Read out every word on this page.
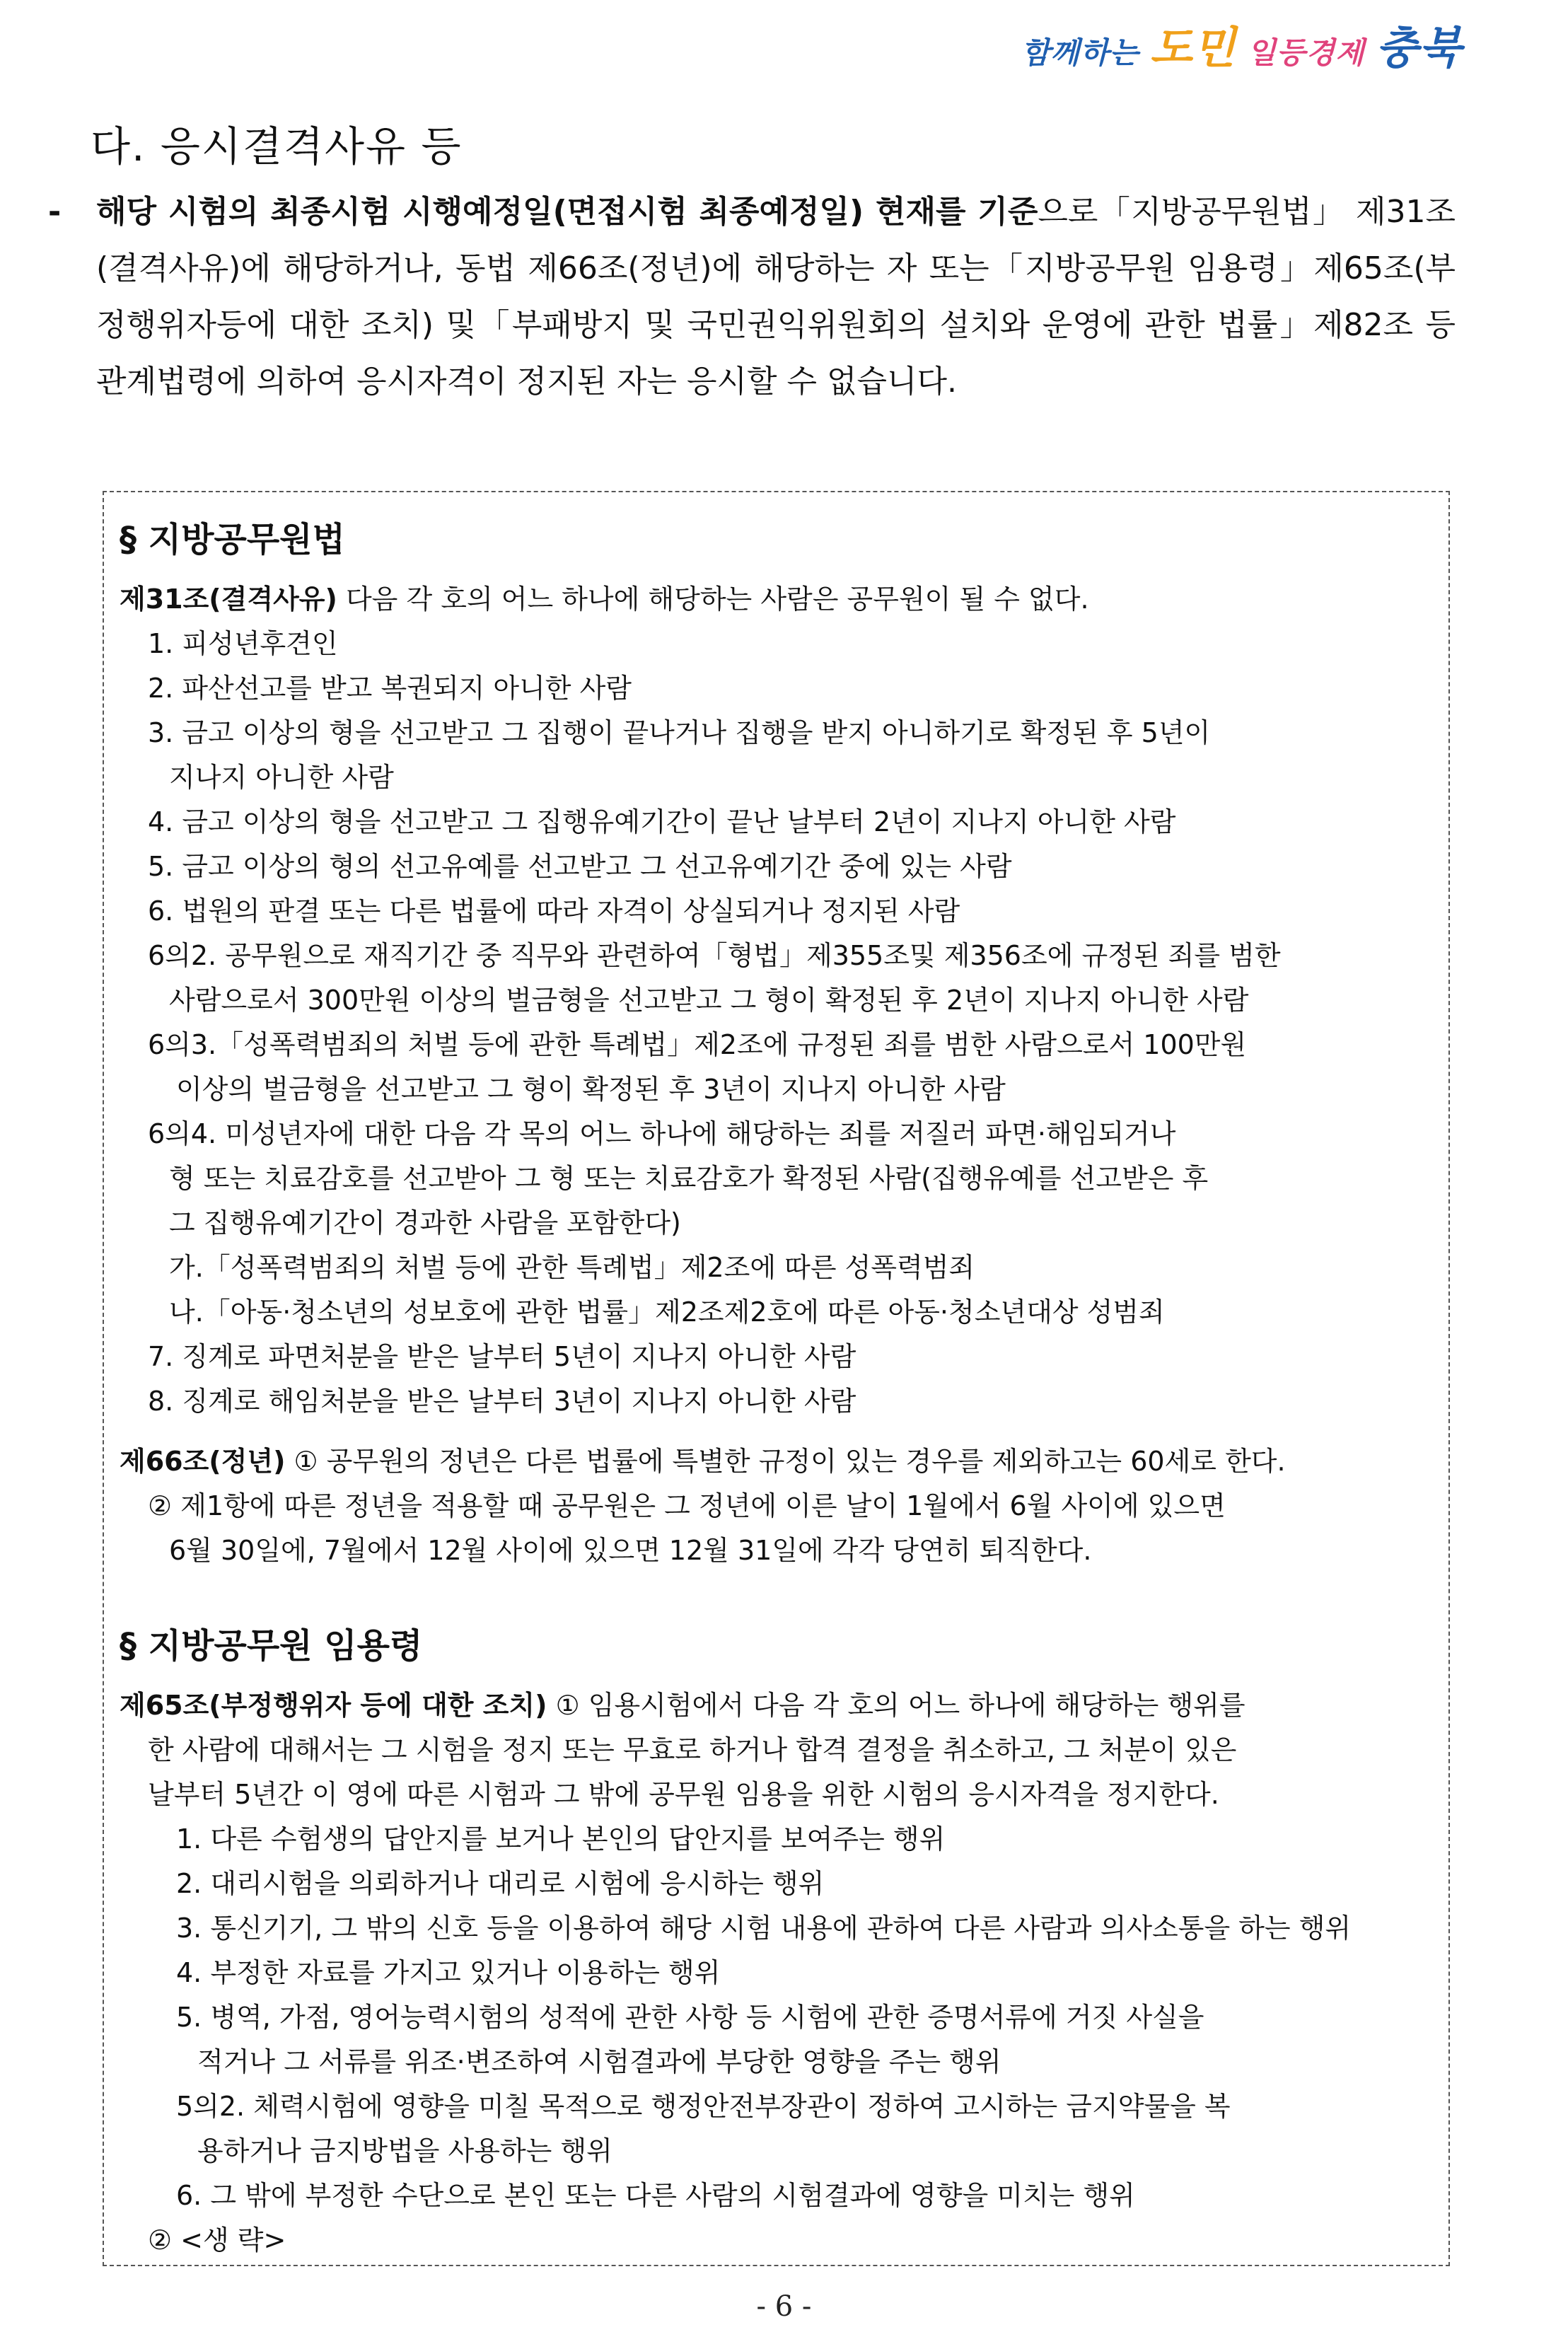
함께하는 도민 일등경제 충북
다. 응시결격사유 등
-	해당 시험의 최종시험 시행예정일(면접시험 최종예정일) 현재를 기준으로「지방공무원법」 제31조(결격사유)에 해당하거나, 동법 제66조(정년)에 해당하는 자 또는「지방공무원 임용령」제65조(부정행위자등에 대한 조치) 및「부패방지 및 국민권익위원회의 설치와 운영에 관한 법률」제82조 등 관계법령에 의하여 응시자격이 정지된 자는 응시할 수 없습니다.
§ 지방공무원법

제31조(결격사유) 다음 각 호의 어느 하나에 해당하는 사람은 공무원이 될 수 없다.

1. 피성년후견인

2. 파산선고를 받고 복권되지 아니한 사람

3. 금고 이상의 형을 선고받고 그 집행이 끝나거나 집행을 받지 아니하기로 확정된 후 5년이

지나지 아니한 사람

4. 금고 이상의 형을 선고받고 그 집행유예기간이 끝난 날부터 2년이 지나지 아니한 사람

5. 금고 이상의 형의 선고유예를 선고받고 그 선고유예기간 중에 있는 사람

6. 법원의 판결 또는 다른 법률에 따라 자격이 상실되거나 정지된 사람

6의2. 공무원으로 재직기간 중 직무와 관련하여「형법」제355조및 제356조에 규정된 죄를 범한

사람으로서 300만원 이상의 벌금형을 선고받고 그 형이 확정된 후 2년이 지나지 아니한 사람

6의3.「성폭력범죄의 처벌 등에 관한 특례법」제2조에 규정된 죄를 범한 사람으로서 100만원

이상의 벌금형을 선고받고 그 형이 확정된 후 3년이 지나지 아니한 사람

6의4. 미성년자에 대한 다음 각 목의 어느 하나에 해당하는 죄를 저질러 파면·해임되거나

형 또는 치료감호를 선고받아 그 형 또는 치료감호가 확정된 사람(집행유예를 선고받은 후

그 집행유예기간이 경과한 사람을 포함한다)

가.「성폭력범죄의 처벌 등에 관한 특례법」제2조에 따른 성폭력범죄

나.「아동·청소년의 성보호에 관한 법률」제2조제2호에 따른 아동·청소년대상 성범죄

7. 징계로 파면처분을 받은 날부터 5년이 지나지 아니한 사람

8. 징계로 해임처분을 받은 날부터 3년이 지나지 아니한 사람

제66조(정년) ① 공무원의 정년은 다른 법률에 특별한 규정이 있는 경우를 제외하고는 60세로 한다.

② 제1항에 따른 정년을 적용할 때 공무원은 그 정년에 이른 날이 1월에서 6월 사이에 있으면

6월 30일에, 7월에서 12월 사이에 있으면 12월 31일에 각각 당연히 퇴직한다.

§ 지방공무원 임용령

제65조(부정행위자 등에 대한 조치) ① 임용시험에서 다음 각 호의 어느 하나에 해당하는 행위를

한 사람에 대해서는 그 시험을 정지 또는 무효로 하거나 합격 결정을 취소하고, 그 처분이 있은

날부터 5년간 이 영에 따른 시험과 그 밖에 공무원 임용을 위한 시험의 응시자격을 정지한다.

1. 다른 수험생의 답안지를 보거나 본인의 답안지를 보여주는 행위

2. 대리시험을 의뢰하거나 대리로 시험에 응시하는 행위

3. 통신기기, 그 밖의 신호 등을 이용하여 해당 시험 내용에 관하여 다른 사람과 의사소통을 하는 행위

4. 부정한 자료를 가지고 있거나 이용하는 행위

5. 병역, 가점, 영어능력시험의 성적에 관한 사항 등 시험에 관한 증명서류에 거짓 사실을

적거나 그 서류를 위조·변조하여 시험결과에 부당한 영향을 주는 행위

5의2. 체력시험에 영향을 미칠 목적으로 행정안전부장관이 정하여 고시하는 금지약물을 복

용하거나 금지방법을 사용하는 행위

6. 그 밖에 부정한 수단으로 본인 또는 다른 사람의 시험결과에 영향을 미치는 행위

② <생 략>

- 6 -
